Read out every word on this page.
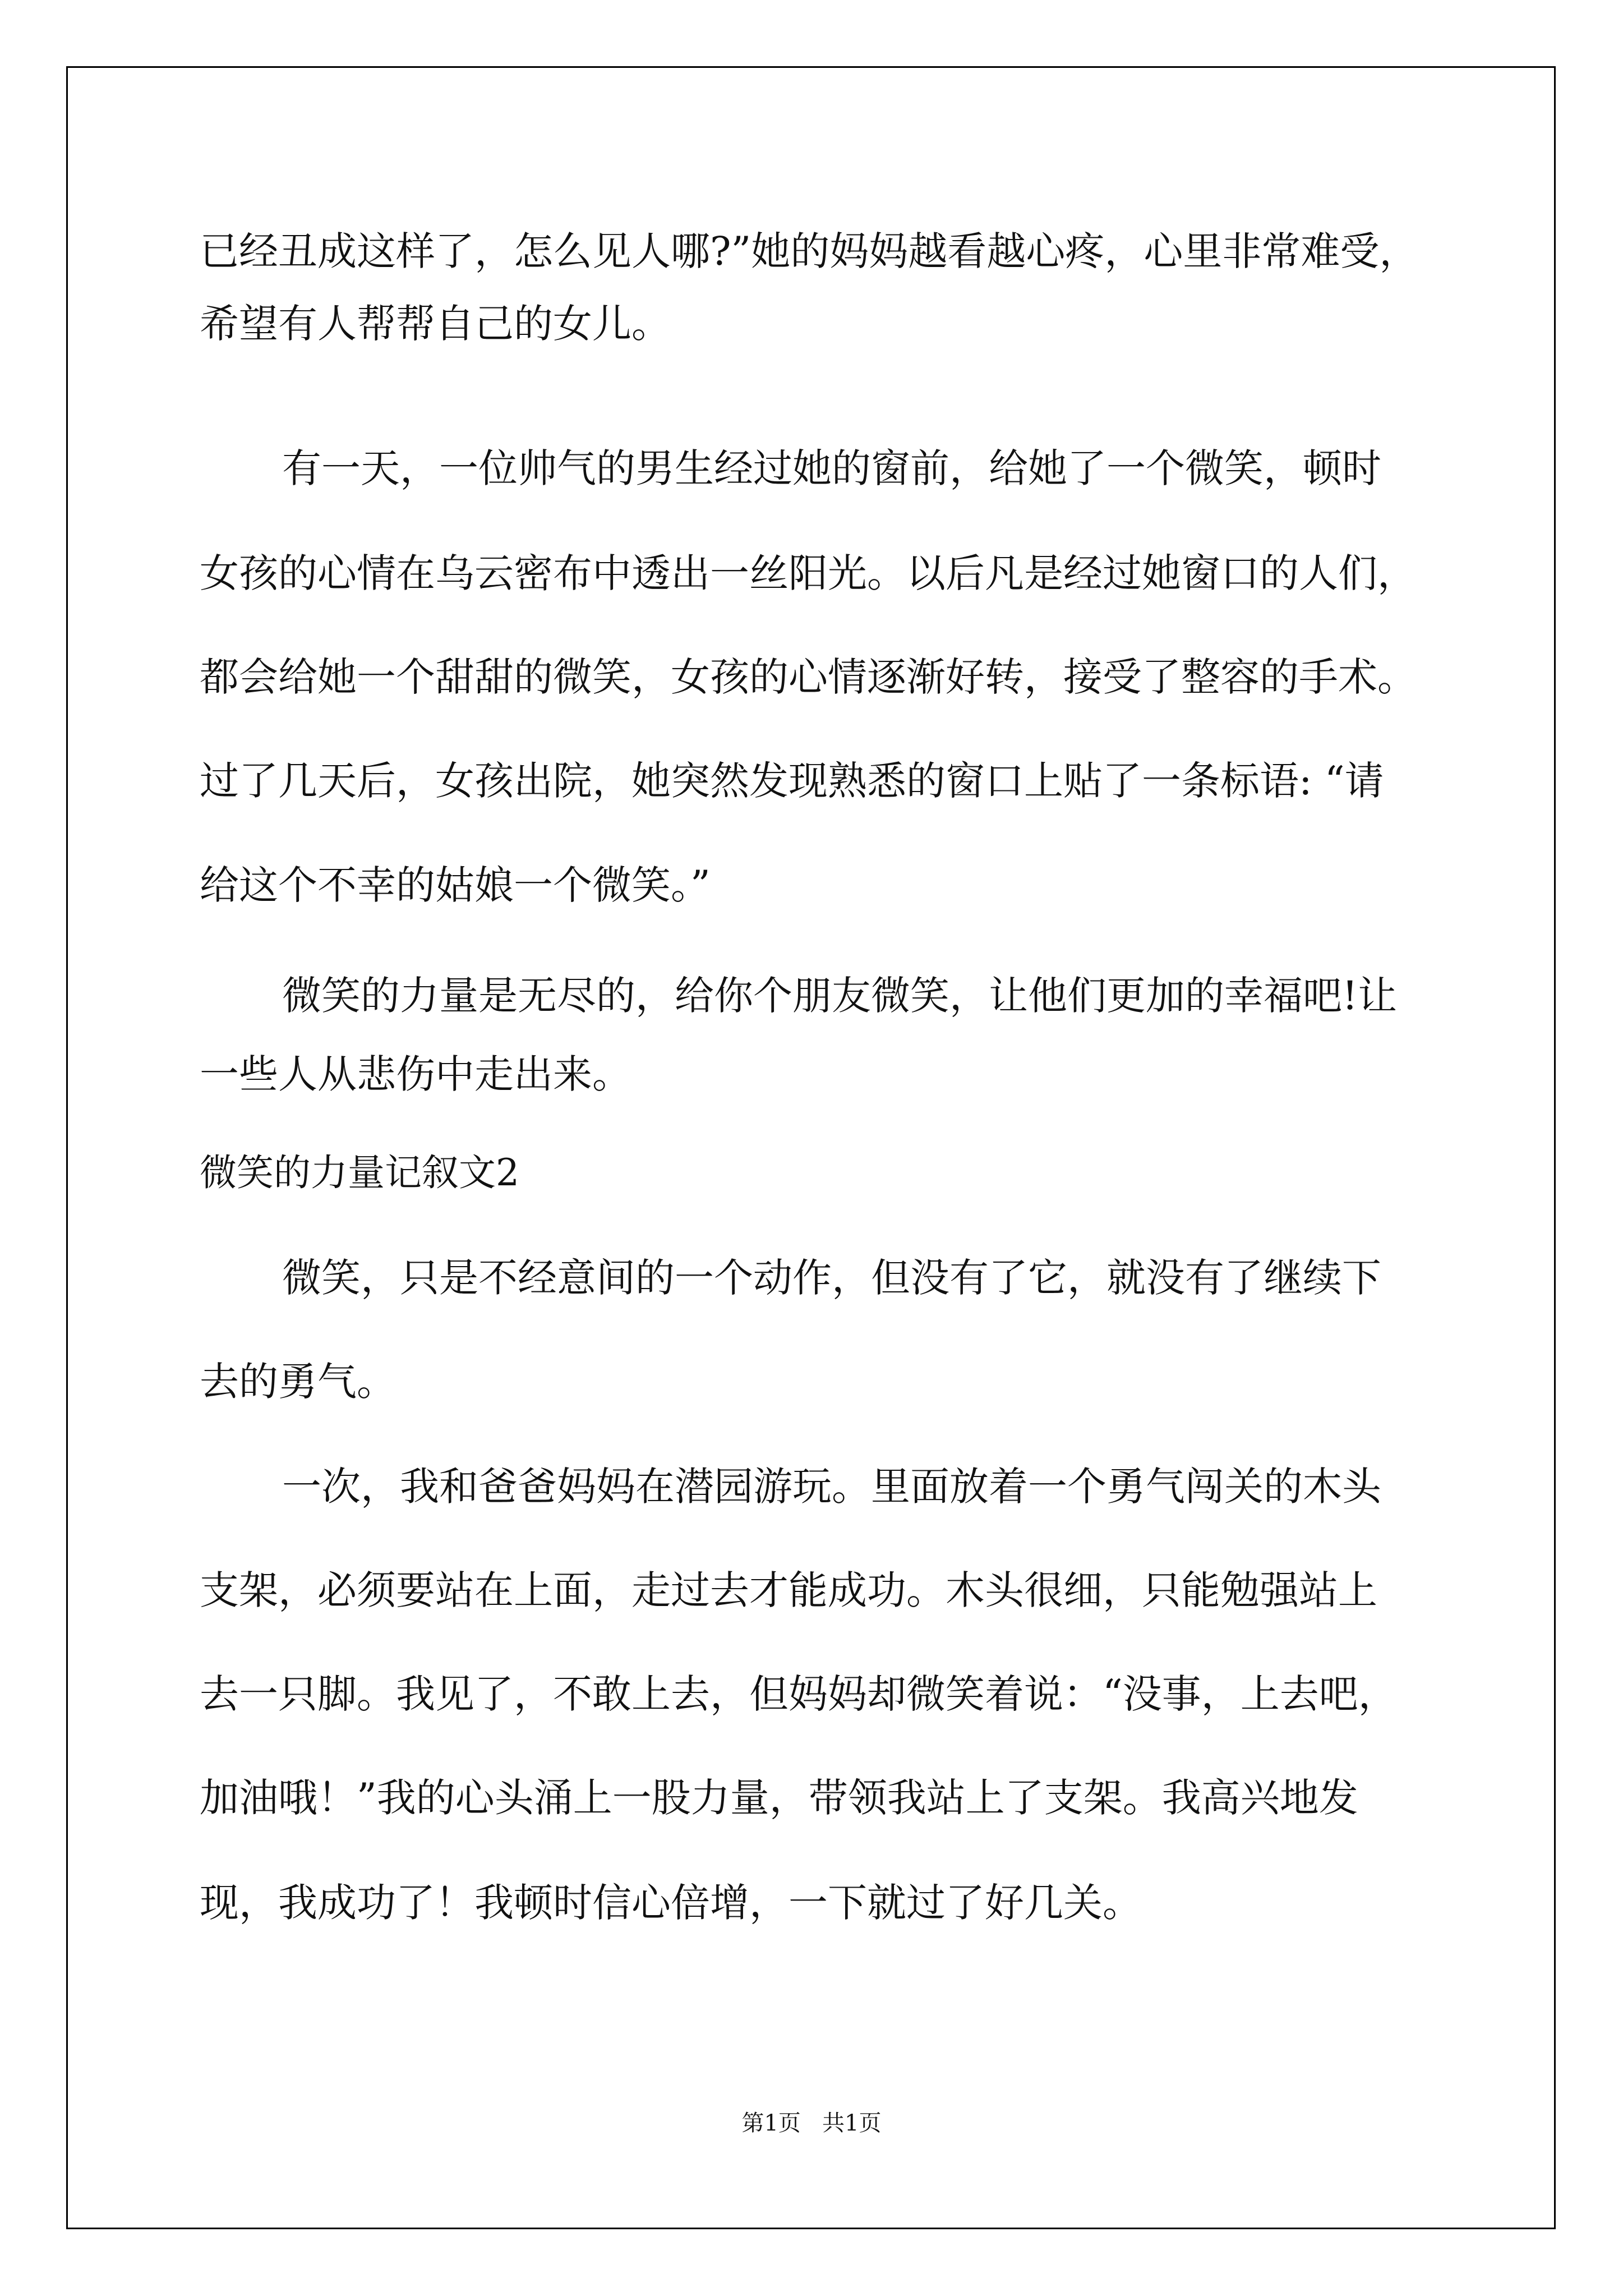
已经丑成这样了，怎么见人哪?”她的妈妈越看越心疼，心里非常难受，

希望有人帮帮自己的女儿。

有一天，一位帅气的男生经过她的窗前，给她了一个微笑，顿时

女孩的心情在乌云密布中透出一丝阳光。以后凡是经过她窗口的人们，

都会给她一个甜甜的微笑，女孩的心情逐渐好转，接受了整容的手术。

过了几天后，女孩出院，她突然发现熟悉的窗口上贴了一条标语: “请

给这个不幸的姑娘一个微笑。”

微笑的力量是无尽的，给你个朋友微笑，让他们更加的幸福吧!让

一些人从悲伤中走出来。

微笑的力量记叙文2

微笑，只是不经意间的一个动作，但没有了它，就没有了继续下

去的勇气。

一次，我和爸爸妈妈在潜园游玩。里面放着一个勇气闯关的木头

支架，必须要站在上面，走过去才能成功。木头很细，只能勉强站上

去一只脚。我见了，不敢上去，但妈妈却微笑着说：“没事，上去吧，

加油哦！”我的心头涌上一股力量，带领我站上了支架。我高兴地发

现，我成功了！我顿时信心倍增，一下就过了好几关。

第1页   共1页
